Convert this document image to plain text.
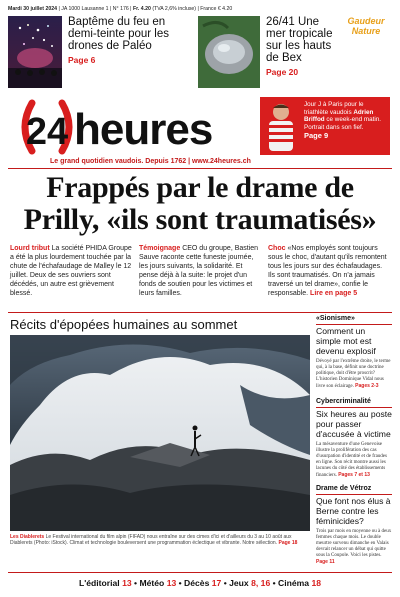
Mardi 30 juillet 2024 | JA 1000 Lausanne 1 | N° 176 | Fr. 4.20 (TVA 2,6% incluse) | France € 4.20
Baptême du feu en demi-teinte pour les drones de Paléo
Page 6
26/41 Une mer tropicale sur les hauts de Bex
Page 20
Gaudeur Nature
24 heures
Jour J à Paris pour le triathlète vaudois Adrien Briffod ce week-end matin. Portrait dans son fief.
Page 9
Le grand quotidien vaudois. Depuis 1762 | www.24heures.ch
Frappés par le drame de Prilly, «ils sont traumatisés»
Lourd tribut La société PHIDA Groupe a été la plus lourdement touchée par la chute de l'échafaudage de Malley le 12 juillet. Deux de ses ouvriers sont décédés, un autre est grièvement blessé.
Témoignage CEO du groupe, Bastien Sauve raconte cette funeste journée, les jours suivants, la solidarité. Et pense déjà à la suite: le projet d'un fonds de soutien pour les victimes et leurs familles.
Choc «Nos employés sont toujours sous le choc, d'autant qu'ils remontent tous les jours sur des échafaudages. Ils sont traumatisés. On n'a jamais traversé un tel drame», confie le responsable. Lire en page 5
Récits d'épopées humaines au sommet
Les Diablerets Le Festival international du film alpin (FIFAD) nous entraîne sur des cimes d'ici et d'ailleurs du 3 au 10 août aux Diablerets (Photo: iStock). Climat et technologie bouleversent une programmation éclectique et vibrante. Notre sélection. Page 18
«Sionisme»
Comment un simple mot est devenu explosif
Dévoyé par l'extrême droite, le terme qui, à la base, définit une doctrine politique, doit d'être proscrit? L'historien Dominique Vidal nous livre son éclairage. Pages 2-3
Cybercriminalité
Six heures au poste pour passer d'accusée à victime
La mésaventure d'une Genevoise illustre la prolifération des cas d'usurpation d'identité et de fraudes en ligne. Son récit montre aussi les lacunes du côté des établissements financiers. Pages 7 et 13
Drame de Vétroz
Que font nos élus à Berne contre les féminicides?
Trois par mois en moyenne ou à deux femmes chaque mois. Le double meurtre survenu dimanche en Valais devrait relancer un débat qui quitte sous la Coupole. Voici les pistes. Page 11
L'éditorial 13 • Météo 13 • Décès 17 • Jeux 8, 16 • Cinéma 18
